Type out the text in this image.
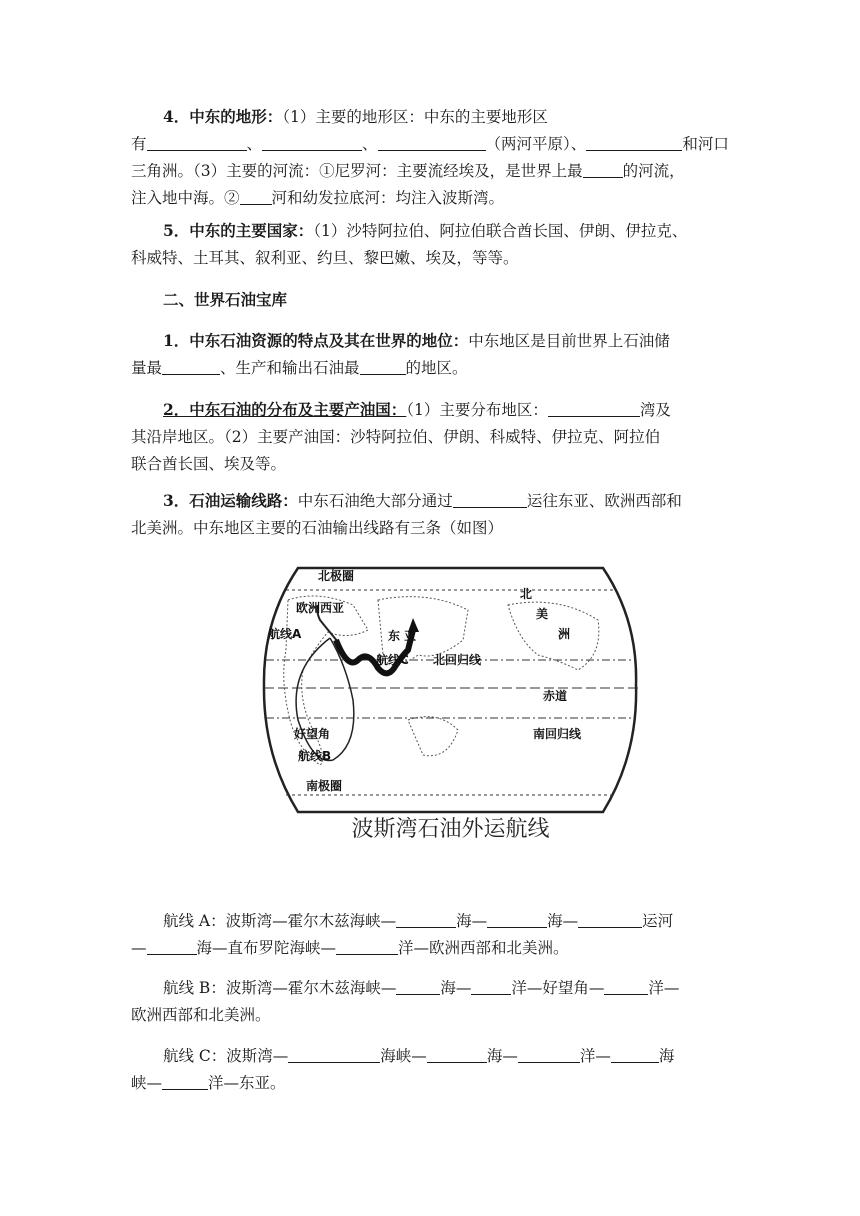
4．中东的地形：（1）主要的地形区：中东的主要地形区
有	、	、	（两河平原）、	和河口
三角洲。（3）主要的河流：①尼罗河：主要流经埃及，是世界上最	的河流，
注入地中海。② 河和幼发拉底河：均注入波斯湾。
5．中东的主要国家：（1）沙特阿拉伯、阿拉伯联合酋长国、伊朗、伊拉克、
科威特、土耳其、叙利亚、约旦、黎巴嫩、埃及，等等。
二、世界石油宝库
1．中东石油资源的特点及其在世界的地位：中东地区是目前世界上石油储
量最	、生产和输出石油最	的地区。
2．中东石油的分布及主要产油国：（1）主要分布地区：	湾及
其沿岸地区。（2）主要产油国：沙特阿拉伯、伊朗、科威特、伊拉克、阿拉伯
联合酋长国、埃及等。
3．石油运输线路：中东石油绝大部分通过	运往东亚、欧洲西部和
北美洲。中东地区主要的石油输出线路有三条（如图）
北极圈
欧洲西亚
航线A	东 亚
航线C 北回归线
北
美
洲
赤道
南回归线
好望角
航线B
南极圈
波斯湾石油外运航线
航线 A：波斯湾—霍尔木兹海峡—	海—	海—	运河
—	海—直布罗陀海峡—	洋—欧洲西部和北美洲。
航线 B：波斯湾—霍尔木兹海峡—	海—	洋—好望角—	洋—
欧洲西部和北美洲。
航线 C：波斯湾—	海峡—	海—	洋—	海
峡—	洋—东亚。
